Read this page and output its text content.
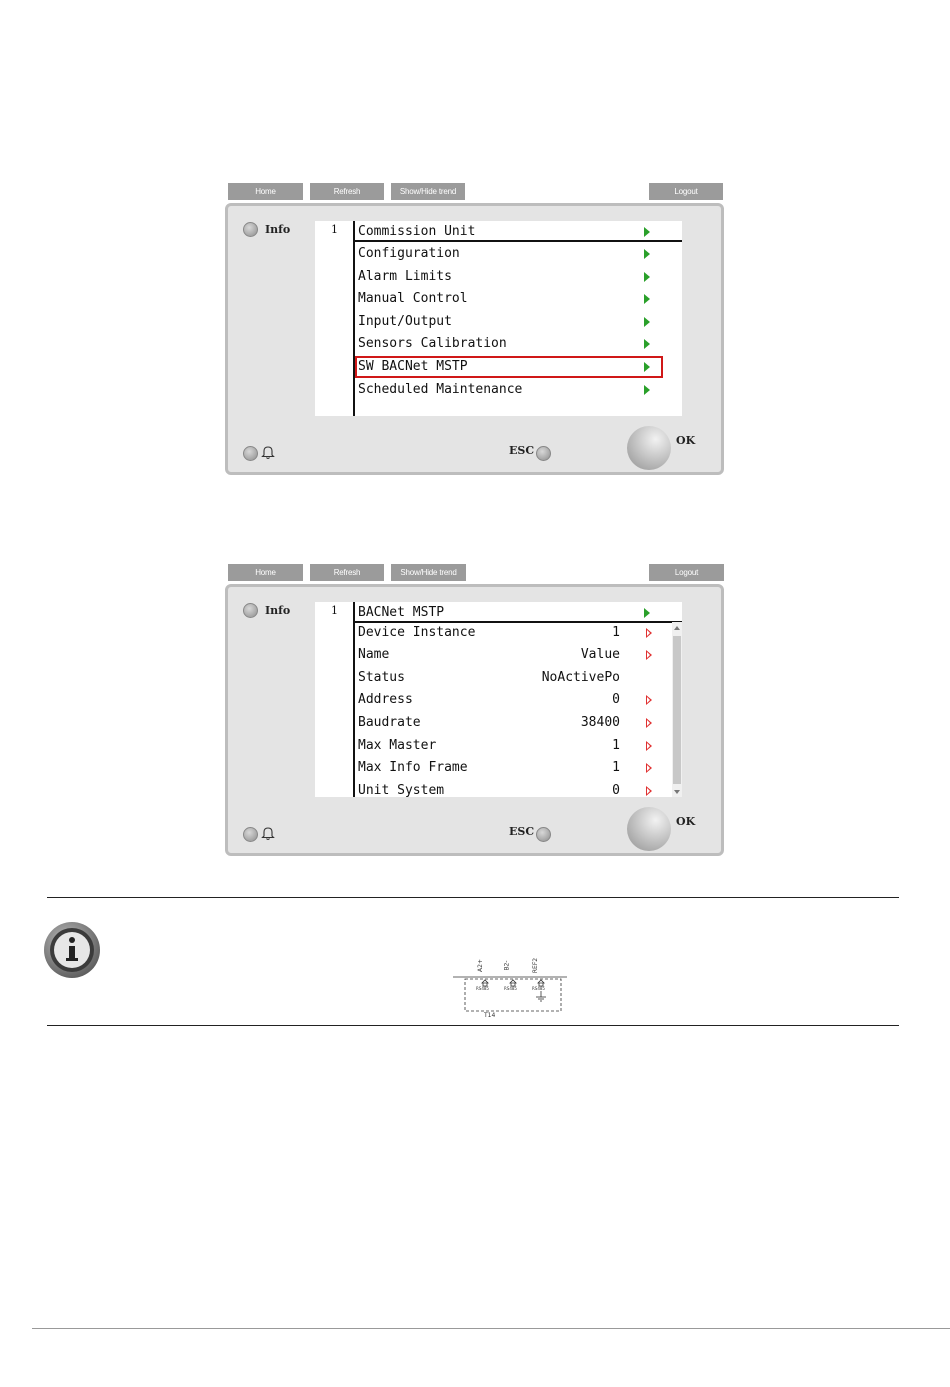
Home	Refresh	Show/Hide trend	Logout
Info	1 Commission Unit
Configuration
Alarm Limits
Manual Control
Input/Output
Sensors Calibration
SW BACNet MSTP
Scheduled Maintenance
ESC
OK
Home	Refresh	Show/Hide trend	Logout
Info	1
Device Instance	1
Name	Value
Status	NoActivePo
Address	0
Baudrate	38400
Max Master	1
Max Info Frame	1
Unit System	0
BACNet MSTP
ESC
OK
A2+	B2-	REF2
RS485	RS485	RS485
T14
